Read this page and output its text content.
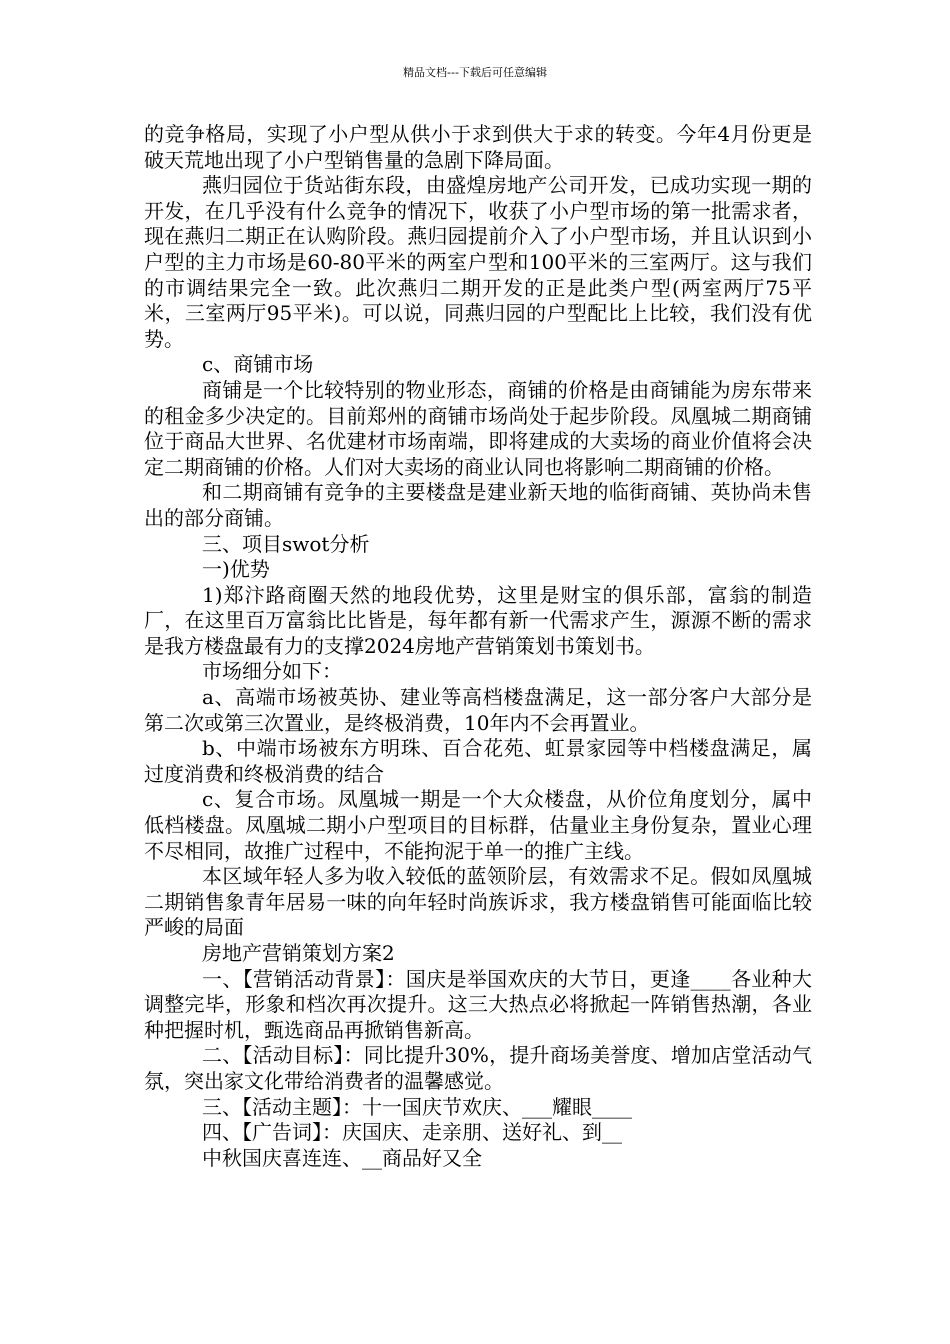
精品文档---下载后可任意编辑

的竞争格局，实现了小户型从供小于求到供大于求的转变。今年4月份更是破天荒地出现了小户型销售量的急剧下降局面。

燕归园位于货站街东段，由盛煌房地产公司开发，已成功实现一期的开发，在几乎没有什么竞争的情况下，收获了小户型市场的第一批需求者，现在燕归二期正在认购阶段。燕归园提前介入了小户型市场，并且认识到小户型的主力市场是60-80平米的两室户型和100平米的三室两厅。这与我们的市调结果完全一致。此次燕归二期开发的正是此类户型(两室两厅75平米，三室两厅95平米)。可以说，同燕归园的户型配比上比较，我们没有优势。

c、商铺市场

商铺是一个比较特别的物业形态，商铺的价格是由商铺能为房东带来的租金多少决定的。目前郑州的商铺市场尚处于起步阶段。凤凰城二期商铺位于商品大世界、名优建材市场南端，即将建成的大卖场的商业价值将会决定二期商铺的价格。人们对大卖场的商业认同也将影响二期商铺的价格。

和二期商铺有竞争的主要楼盘是建业新天地的临街商铺、英协尚未售出的部分商铺。

三、项目swot分析

一)优势

1)郑汴路商圈天然的地段优势，这里是财宝的俱乐部，富翁的制造厂，在这里百万富翁比比皆是，每年都有新一代需求产生，源源不断的需求是我方楼盘最有力的支撑2024房地产营销策划书策划书。

市场细分如下：

a、高端市场被英协、建业等高档楼盘满足，这一部分客户大部分是第二次或第三次置业，是终极消费，10年内不会再置业。

b、中端市场被东方明珠、百合花苑、虹景家园等中档楼盘满足，属过度消费和终极消费的结合

c、复合市场。凤凰城一期是一个大众楼盘，从价位角度划分，属中低档楼盘。凤凰城二期小户型项目的目标群，估量业主身份复杂，置业心理不尽相同，故推广过程中，不能拘泥于单一的推广主线。

本区域年轻人多为收入较低的蓝领阶层，有效需求不足。假如凤凰城二期销售象青年居易一味的向年轻时尚族诉求，我方楼盘销售可能面临比较严峻的局面

房地产营销策划方案2

一、【营销活动背景】：国庆是举国欢庆的大节日，更逢____各业种大调整完毕，形象和档次再次提升。这三大热点必将掀起一阵销售热潮，各业种把握时机，甄选商品再掀销售新高。

二、【活动目标】：同比提升30%，提升商场美誉度、增加店堂活动气氛，突出家文化带给消费者的温馨感觉。

三、【活动主题】：十一国庆节欢庆、___耀眼____

四、【广告词】：庆国庆、走亲朋、送好礼、到__

中秋国庆喜连连、__商品好又全
